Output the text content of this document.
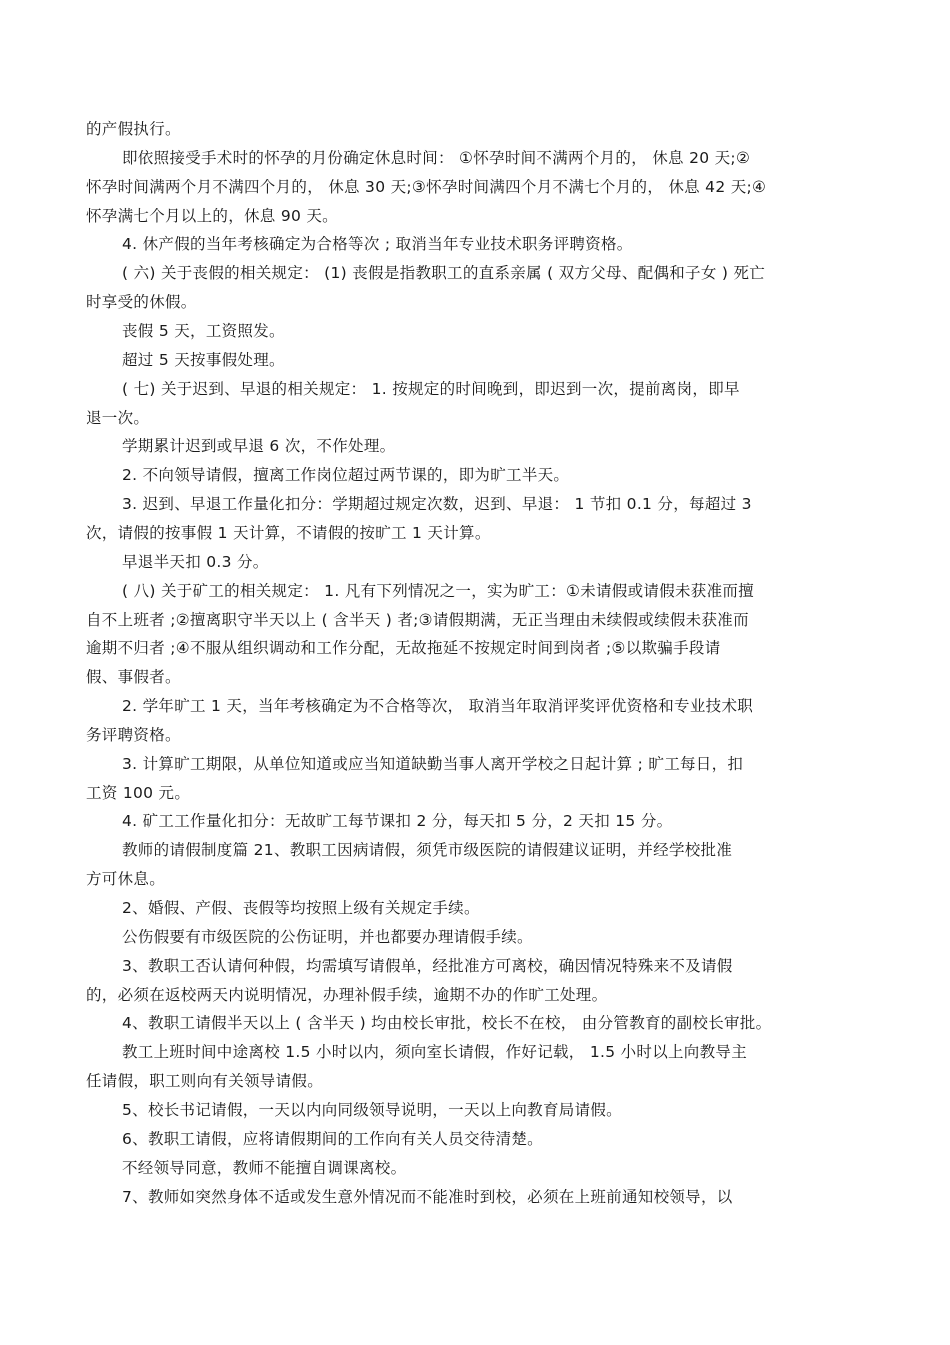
的产假执行。

即依照接受手术时的怀孕的月份确定休息时间： ①怀孕时间不满两个月的， 休息 20 天;②

怀孕时间满两个月不满四个月的， 休息 30 天;③怀孕时间满四个月不满七个月的， 休息 42 天;④

怀孕满七个月以上的，休息 90 天。

4. 休产假的当年考核确定为合格等次 ; 取消当年专业技术职务评聘资格。

( 六) 关于丧假的相关规定： (1) 丧假是指教职工的直系亲属 ( 双方父母、配偶和子女 ) 死亡

时享受的休假。

丧假 5 天，工资照发。

超过 5 天按事假处理。

( 七) 关于迟到、早退的相关规定： 1. 按规定的时间晚到，即迟到一次，提前离岗，即早

退一次。

学期累计迟到或早退 6 次，不作处理。

2. 不向领导请假，擅离工作岗位超过两节课的，即为旷工半天。

3. 迟到、早退工作量化扣分：学期超过规定次数，迟到、早退： 1 节扣 0.1 分，每超过 3

次，请假的按事假 1 天计算，不请假的按旷工 1 天计算。

早退半天扣 0.3 分。

( 八) 关于矿工的相关规定： 1. 凡有下列情况之一，实为旷工：①未请假或请假未获准而擅

自不上班者 ;②擅离职守半天以上 ( 含半天 ) 者;③请假期满，无正当理由未续假或续假未获准而

逾期不归者 ;④不服从组织调动和工作分配，无故拖延不按规定时间到岗者 ;⑤以欺骗手段请

假、事假者。

2. 学年旷工 1 天，当年考核确定为不合格等次， 取消当年取消评奖评优资格和专业技术职

务评聘资格。

3. 计算旷工期限，从单位知道或应当知道缺勤当事人离开学校之日起计算 ; 旷工每日，扣

工资 100 元。

4. 矿工工作量化扣分：无故旷工每节课扣 2 分，每天扣 5 分，2 天扣 15 分。

教师的请假制度篇 21、教职工因病请假，须凭市级医院的请假建议证明，并经学校批准

方可休息。

2、婚假、产假、丧假等均按照上级有关规定手续。

公伤假要有市级医院的公伤证明，并也都要办理请假手续。

3、教职工否认请何种假，均需填写请假单，经批准方可离校，确因情况特殊来不及请假

的，必须在返校两天内说明情况，办理补假手续，逾期不办的作旷工处理。

4、教职工请假半天以上 ( 含半天 ) 均由校长审批，校长不在校， 由分管教育的副校长审批。

教工上班时间中途离校 1.5 小时以内，须向室长请假，作好记载， 1.5 小时以上向教导主

任请假，职工则向有关领导请假。

5、校长书记请假，一天以内向同级领导说明，一天以上向教育局请假。

6、教职工请假，应将请假期间的工作向有关人员交待清楚。

不经领导同意，教师不能擅自调课离校。

7、教师如突然身体不适或发生意外情况而不能准时到校，必须在上班前通知校领导，以
